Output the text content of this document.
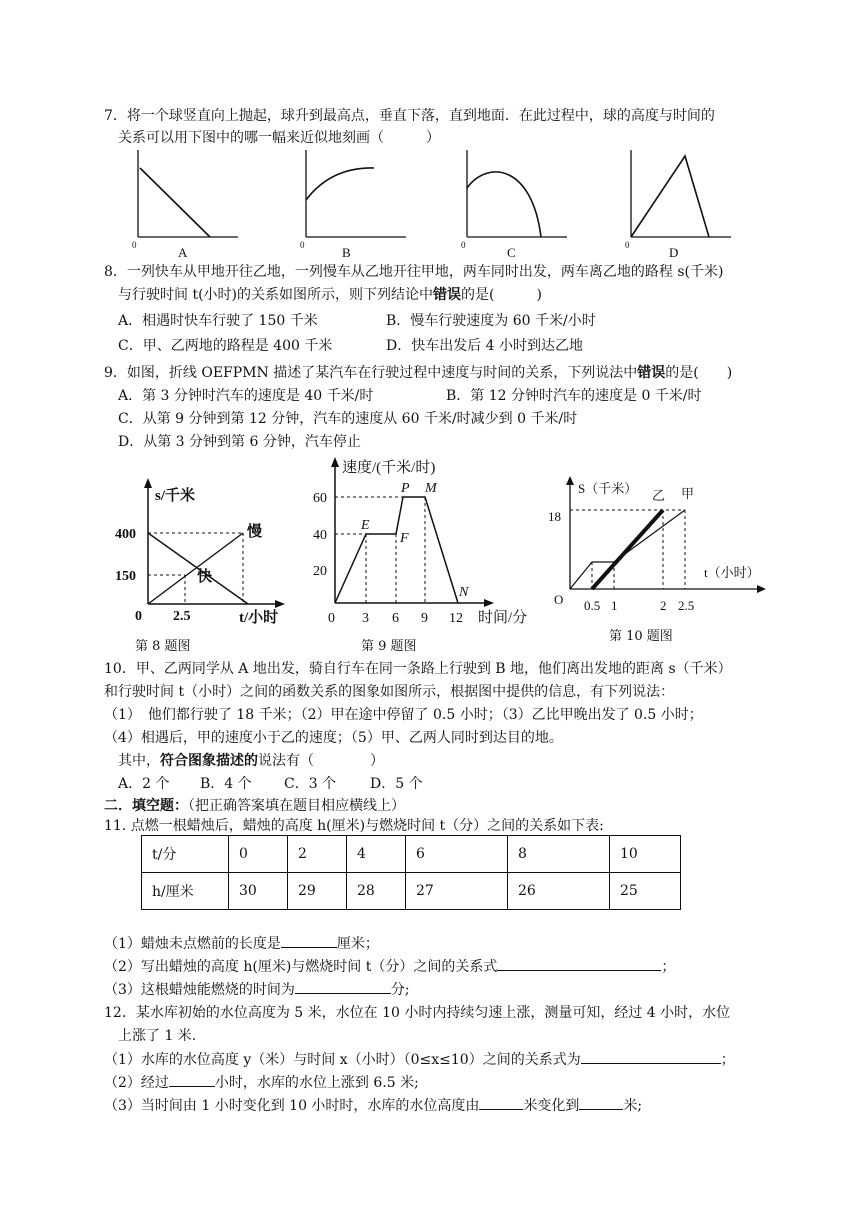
7．将一个球竖直向上抛起，球升到最高点，垂直下落，直到地面．在此过程中，球的高度与时间的
关系可以用下图中的哪一幅来近似地刻画（　　　）
0	A	0	B	0	C	0	D
8．一列快车从甲地开往乙地，一列慢车从乙地开往甲地，两车同时出发，两车离乙地的路程 s(千米)
与行驶时间 t(小时)的关系如图所示，则下列结论中错误的是(　　　)
A．相遇时快车行驶了 150 千米	B．慢车行驶速度为 60 千米/小时
C．甲、乙两地的路程是 400 千米	D．快车出发后 4 小时到达乙地
9．如图，折线 OEFPMN 描述了某汽车在行驶过程中速度与时间的关系，下列说法中错误的是(　　)
A．第 3 分钟时汽车的速度是 40 千米/时	B．第 12 分钟时汽车的速度是 0 千米/时
C．从第 9 分钟到第 12 分钟，汽车的速度从 60 千米/时减少到 0 千米/时
D．从第 3 分钟到第 6 分钟，汽车停止
s/千米
400
150
0 2.5	t/小时
慢
快
第 8 题图
速度/(千米/时)
60
40
20
0 3 6 9 12 时间/分
E
F
P M
N
第 9 题图
S（千米）
18
O 0.5 1	2 2.5
t（小时）
乙 甲
第 10 题图
10．甲、乙两同学从 A 地出发，骑自行车在同一条路上行驶到 B 地，他们离出发地的距离 s（千米）
和行驶时间 t（小时）之间的函数关系的图象如图所示，根据图中提供的信息，有下列说法：
（1）　他们都行驶了 18 千米；（2）甲在途中停留了 0.5 小时；（3）乙比甲晚出发了 0.5 小时；
（4）相遇后，甲的速度小于乙的速度；（5）甲、乙两人同时到达目的地。
其中，符合图象描述的说法有（　　　　）
A．2 个 B．4 个 C．3 个 D．5 个
二．填空题：（把正确答案填在题目相应横线上）
11. 点燃一根蜡烛后，蜡烛的高度 h(厘米)与燃烧时间 t（分）之间的关系如下表:
t/分	0	2	4	6	8	10
h/厘米	30	29	28	27	26	25
（1）蜡烛未点燃前的长度是	厘米；
（2）写出蜡烛的高度 h(厘米)与燃烧时间 t（分）之间的关系式	；
（3）这根蜡烛能燃烧的时间为	分;
12．某水库初始的水位高度为 5 米，水位在 10 小时内持续匀速上涨，测量可知，经过 4 小时，水位
上涨了 1 米.
（1）水库的水位高度 y（米）与时间 x（小时）（0≤x≤10）之间的关系式为	；
（2）经过	小时，水库的水位上涨到 6.5 米;
（3）当时间由 1 小时变化到 10 小时时，水库的水位高度由	米变化到	米;
